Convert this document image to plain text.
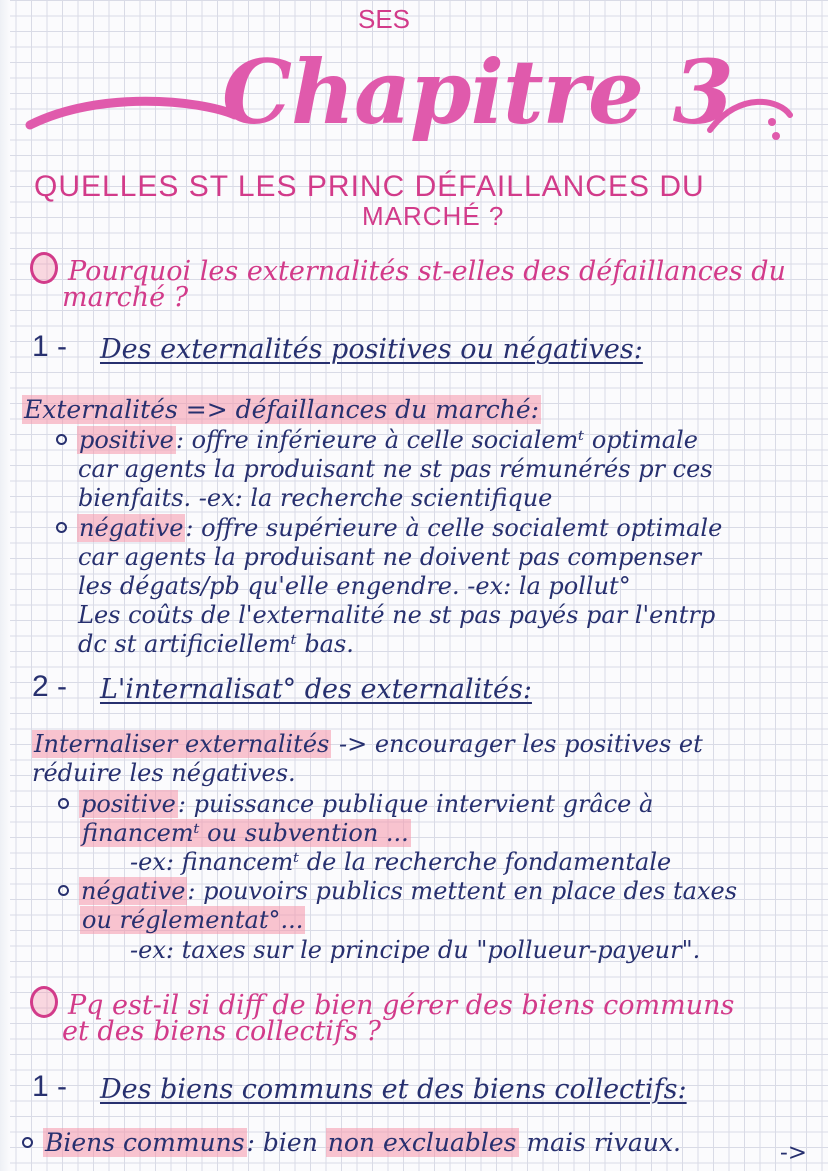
SES
Chapitre 3
QUELLES ST LES PRINC DÉFAILLANCES DU
MARCHÉ ?
Pourquoi les externalités st-elles des défaillances du
marché ?
1 - Des externalités positives ou négatives:
Externalités => défaillances du marché:
positive: offre inférieure à celle socialemᵗ optimale
car agents la produisant ne st pas rémunérés pr ces
bienfaits. -ex: la recherche scientifique
négative: offre supérieure à celle socialemt optimale
car agents la produisant ne doivent pas compenser
les dégats/pb qu'elle engendre. -ex: la pollut°
Les coûts de l'externalité ne st pas payés par l'entrp
dc st artificiellemᵗ bas.
2 - L'internalisat° des externalités:
Internaliser externalités -> encourager les positives et
réduire les négatives.
positive: puissance publique intervient grâce à
financemᵗ ou subvention ...
-ex: financemᵗ de la recherche fondamentale
négative: pouvoirs publics mettent en place des taxes
ou réglementat°...
-ex: taxes sur le principe du "pollueur-payeur".
Pq est-il si diff de bien gérer des biens communs
et des biens collectifs ?
1 - Des biens communs et des biens collectifs:
Biens communs: bien non excluables mais rivaux.	->
